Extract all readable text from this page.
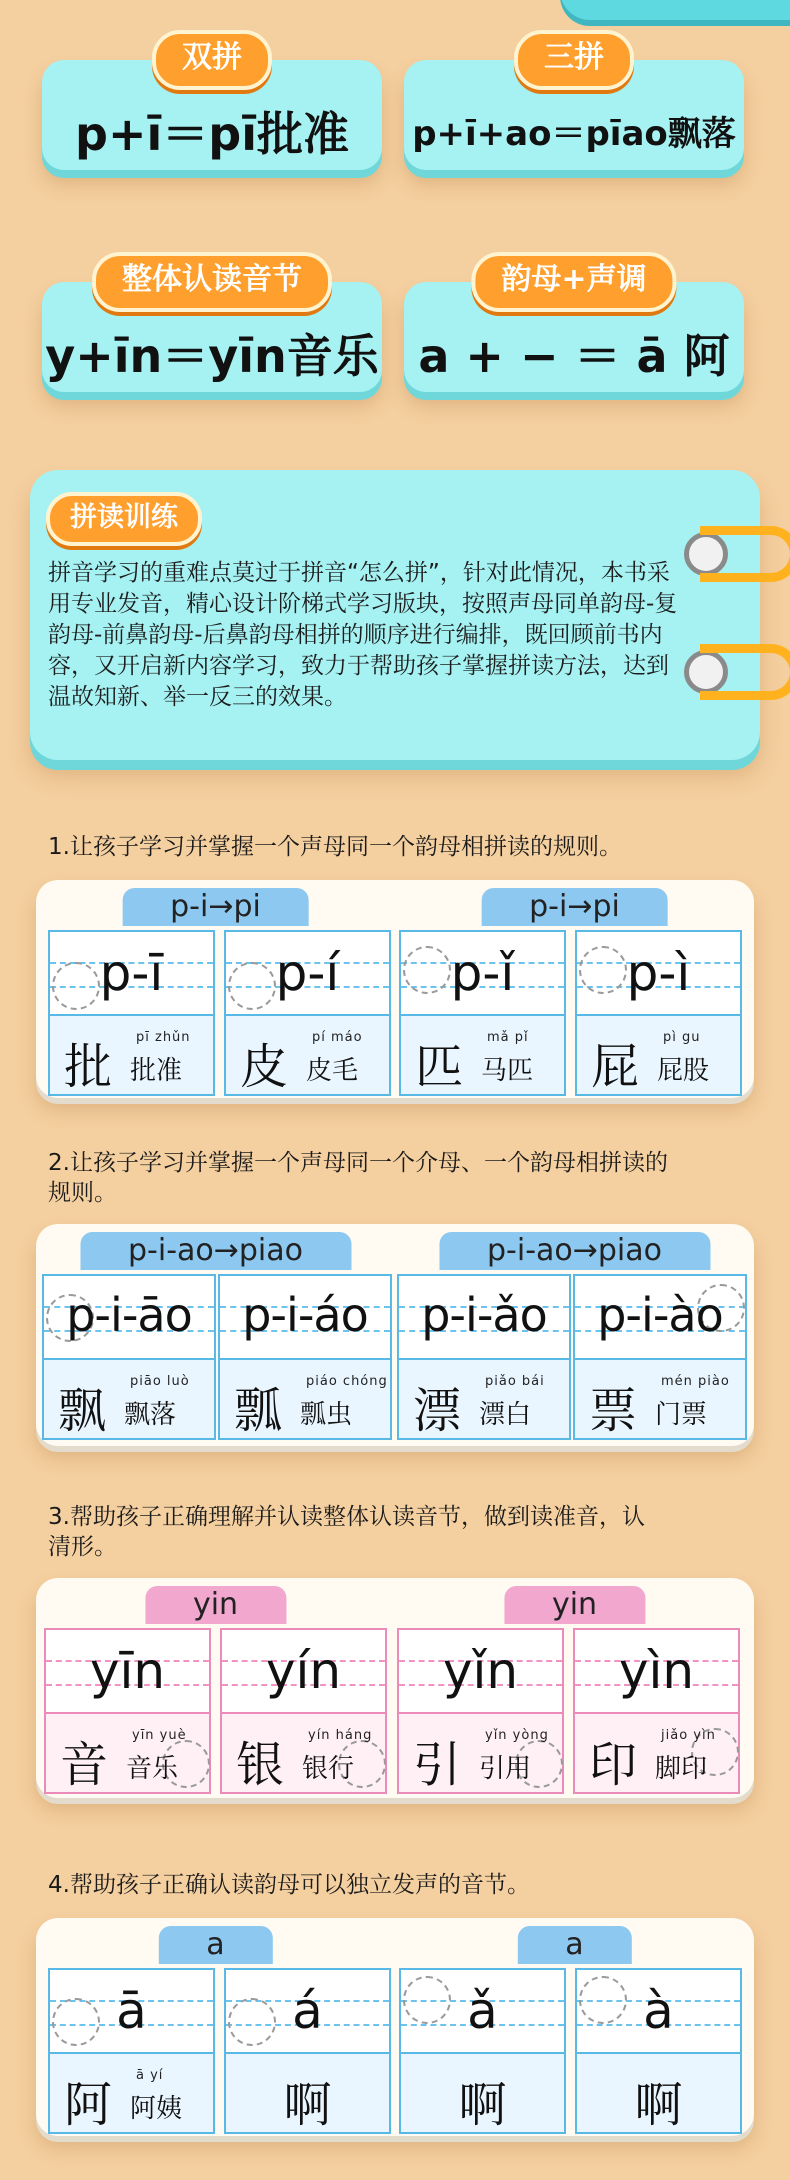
双拼
p+ī＝pī批准
三拼
p+ī+ao＝pīao飘落
整体认读音节
y+īn＝yīn音乐
韵母+声调
a + − ＝ ā 阿
拼读训练
拼音学习的重难点莫过于拼音“怎么拼”，针对此情况，本书采用专业发音，精心设计阶梯式学习版块，按照声母同单韵母-复韵母-前鼻韵母-后鼻韵母相拼的顺序进行编排，既回顾前书内容，又开启新内容学习，致力于帮助孩子掌握拼读方法，达到温故知新、举一反三的效果。
1.让孩子学习并掌握一个声母同一个韵母相拼读的规则。
p-i→pi
p-ī
批
pī zhǔn
批准
p-í
皮
pí máo
皮毛
p-i→pi
p-ǐ
匹
mǎ pǐ
马匹
p-ì
屁
pì gu
屁股
2.让孩子学习并掌握一个声母同一个介母、一个韵母相拼读的规则。
p-i-ao→piao
p-i-āo
飘
piāo luò
飘落
p-i-áo
瓢
piáo chóng
瓢虫
p-i-ao→piao
p-i-ǎo
漂
piǎo bái
漂白
p-i-ào
票
mén piào
门票
3.帮助孩子正确理解并认读整体认读音节，做到读准音，认清形。
yin
yīn
音
yīn yuè
音乐
yín
银
yín háng
银行
yin
yǐn
引
yǐn yòng
引用
yìn
印
jiǎo yìn
脚印
4.帮助孩子正确认读韵母可以独立发声的音节。
a
ā
阿
ā yí
阿姨
á
啊
a
ǎ
啊
à
啊
